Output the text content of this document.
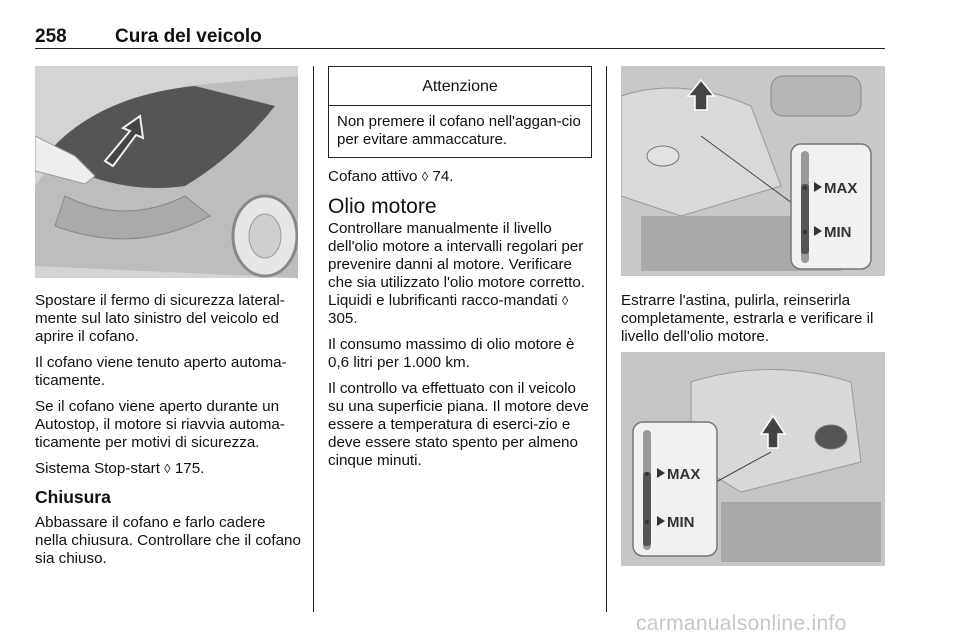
258	Cura del veicolo

Spostare il fermo di sicurezza lateral-mente sul lato sinistro del veicolo ed aprire il cofano.

Il cofano viene tenuto aperto automa-ticamente.

Se il cofano viene aperto durante un Autostop, il motore si riavvia automa-ticamente per motivi di sicurezza.

Sistema Stop-start ◊ 175.

Chiusura

Abbassare il cofano e farlo cadere nella chiusura. Controllare che il cofano sia chiuso.

Attenzione
Non premere il cofano nell'aggan-cio per evitare ammaccature.

Cofano attivo ◊ 74.

Olio motore

Controllare manualmente il livello dell'olio motore a intervalli regolari per prevenire danni al motore. Verificare che sia utilizzato l'olio motore corretto. Liquidi e lubrificanti racco-mandati ◊ 305.

Il consumo massimo di olio motore è 0,6 litri per 1.000 km.

Il controllo va effettuato con il veicolo su una superficie piana. Il motore deve essere a temperatura di eserci-zio e deve essere stato spento per almeno cinque minuti.

MAX
MIN

Estrarre l'astina, pulirla, reinserirla completamente, estrarla e verificare il livello dell'olio motore.

MAX
MIN
carmanualsonline.info
